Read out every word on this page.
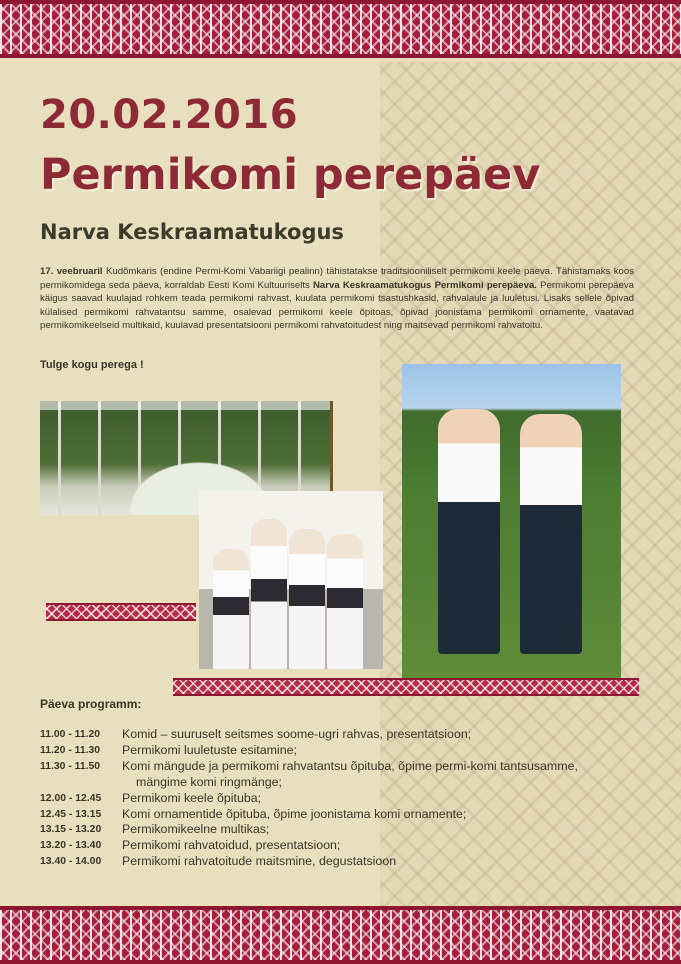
20.02.2016
Permikomi perepäev
Narva Keskraamatukogus
17. veebruaril Kudõmkaris (endine Permi-Komi Vabariigi pealinn) tähistatakse traditsiooniliselt permikomi keele päeva. Tähistamaks koos permikomidega seda päeva, korraldab Eesti Komi Kultuuriselts Narva Keskraamatukogus Permikomi perepäeva. Permikomi perepäeva käigus saavad kuulajad rohkem teada permikomi rahvast, kuulata permikomi tsastushkasid, rahvalaule ja luuletusi. Lisaks sellele õpivad külalised permikomi rahvatantsu samme, osalevad permikomi keele õpitoas, õpivad joonistama permikomi ornamente, vaatavad permikomikeelseid multikaid, kuulavad presentatsiooni permikomi rahvatoitudest ning maitsevad permikomi rahvatoitu.
Tulge kogu perega !
Päeva programm:
11.00 - 11.20	Komid – suuruselt seitsmes soome-ugri rahvas, presentatsioon;
11.20 - 11.30	Permikomi luuletuste esitamine;
11.30 - 11.50	Komi mängude ja permikomi rahvatantsu õpituba, õpime permi-komi tantsusamme,
mängime komi ringmänge;
12.00 - 12.45	Permikomi keele õpituba;
12.45 - 13.15	Komi ornamentide õpituba, õpime joonistama komi ornamente;
13.15 - 13.20	Permikomikeelne multikas;
13.20 - 13.40	Permikomi rahvatoidud, presentatsioon;
13.40 - 14.00	Permikomi rahvatoitude maitsmine, degustatsioon
